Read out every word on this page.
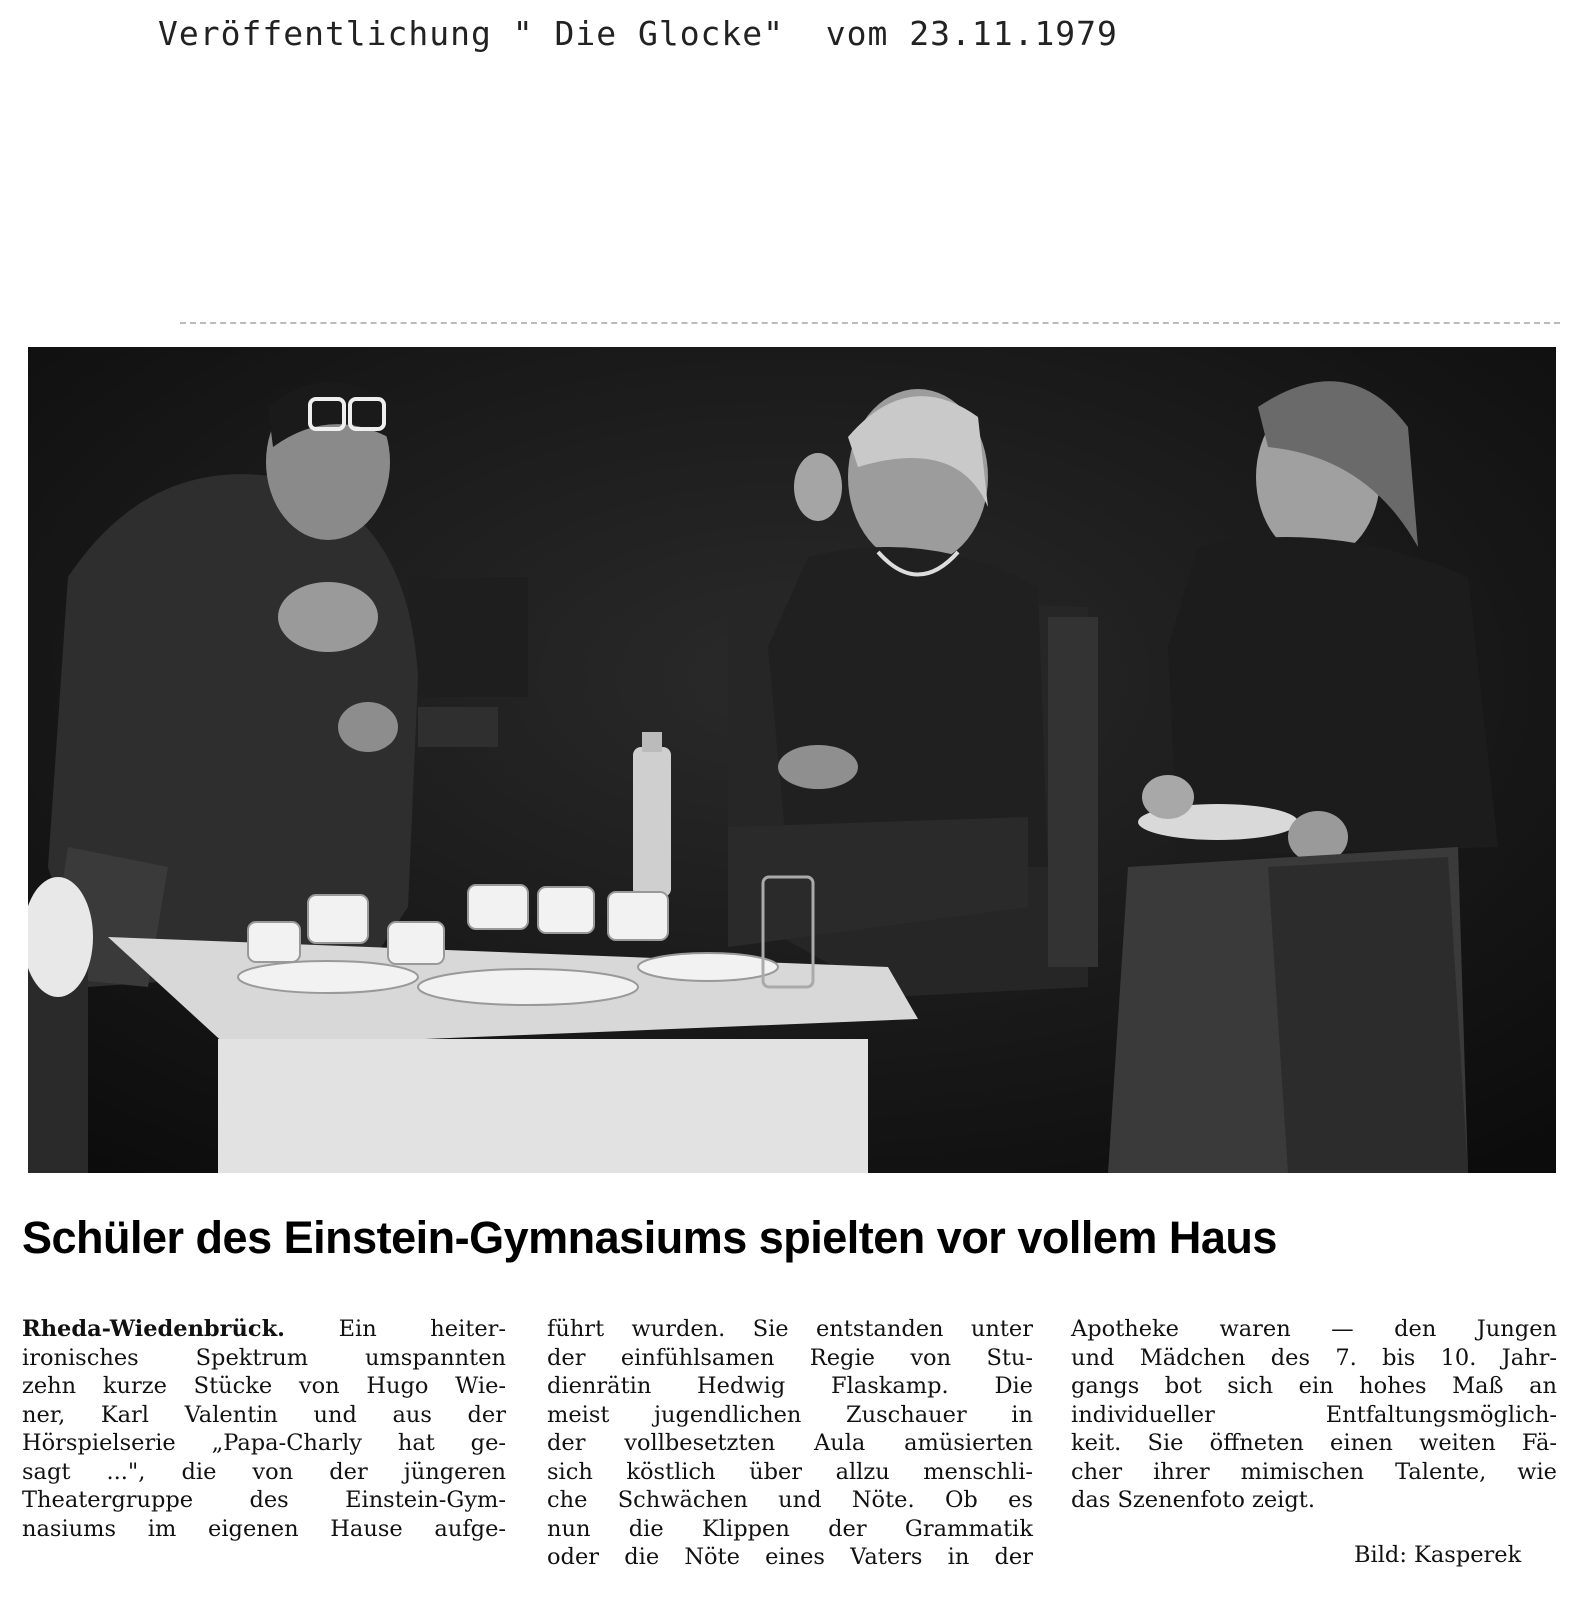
Veröffentlichung " Die Glocke"  vom 23.11.1979
Schüler des Einstein-Gymnasiums spielten vor vollem Haus
Rheda-Wiedenbrück. Ein heiter-
ironisches Spektrum umspannten
zehn kurze Stücke von Hugo Wie-
ner, Karl Valentin und aus der
Hörspielserie „Papa-Charly hat ge-
sagt ...", die von der jüngeren
Theatergruppe des Einstein-Gym-
nasiums im eigenen Hause aufge-
führt wurden. Sie entstanden unter
der einfühlsamen Regie von Stu-
dienrätin Hedwig Flaskamp. Die
meist jugendlichen Zuschauer in
der vollbesetzten Aula amüsierten
sich köstlich über allzu menschli-
che Schwächen und Nöte. Ob es
nun die Klippen der Grammatik
oder die Nöte eines Vaters in der
Apotheke waren — den Jungen
und Mädchen des 7. bis 10. Jahr-
gangs bot sich ein hohes Maß an
individueller Entfaltungsmöglich-
keit. Sie öffneten einen weiten Fä-
cher ihrer mimischen Talente, wie
das Szenenfoto zeigt.
Bild: Kasperek
